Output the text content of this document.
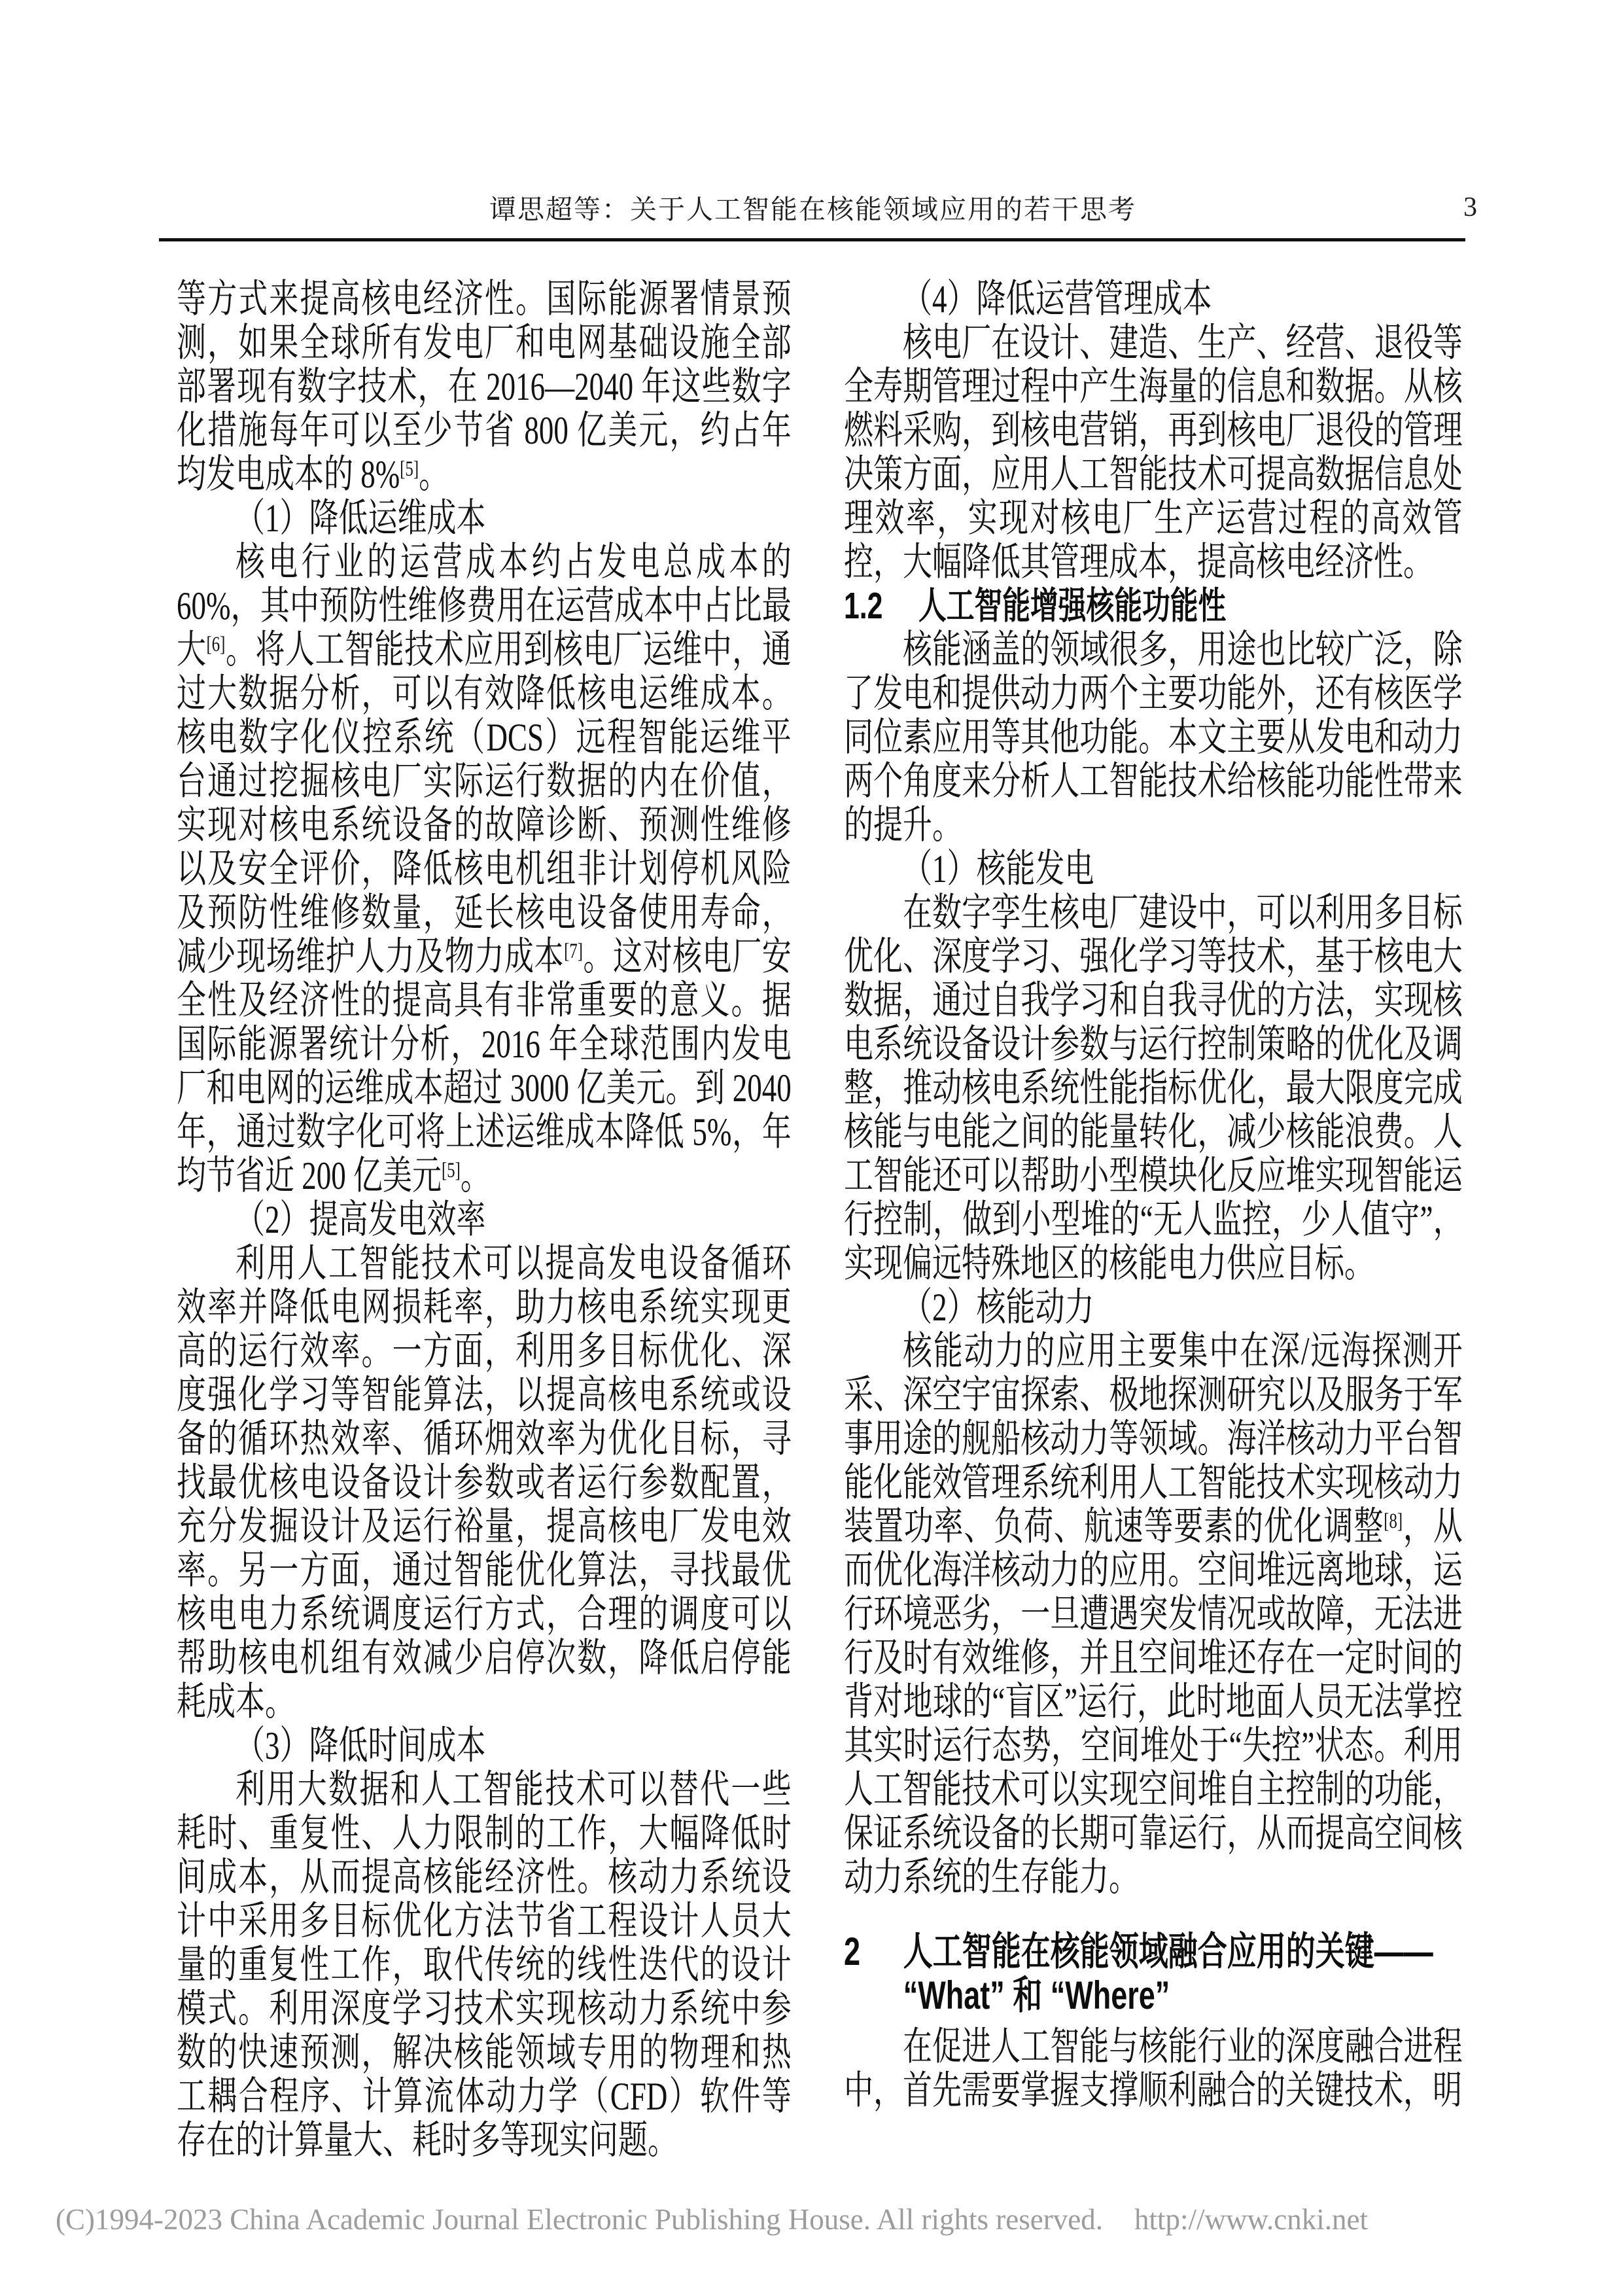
谭思超等：关于人工智能在核能领域应用的若干思考	3
等方式来提高核电经济性。国际能源署情景预测，如果全球所有发电厂和电网基础设施全部部署现有数字技术，在 2016—2040 年这些数字化措施每年可以至少节省 800 亿美元，约占年均发电成本的 8%[5]。
（1）降低运维成本
核电行业的运营成本约占发电总成本的 60%，其中预防性维修费用在运营成本中占比最大[6]。将人工智能技术应用到核电厂运维中，通过大数据分析，可以有效降低核电运维成本。核电数字化仪控系统（DCS）远程智能运维平台通过挖掘核电厂实际运行数据的内在价值，实现对核电系统设备的故障诊断、预测性维修以及安全评价，降低核电机组非计划停机风险及预防性维修数量，延长核电设备使用寿命，减少现场维护人力及物力成本[7]。这对核电厂安全性及经济性的提高具有非常重要的意义。据国际能源署统计分析，2016 年全球范围内发电厂和电网的运维成本超过 3000 亿美元。到 2040 年，通过数字化可将上述运维成本降低 5%，年均节省近 200 亿美元[5]。
（2）提高发电效率
利用人工智能技术可以提高发电设备循环效率并降低电网损耗率，助力核电系统实现更高的运行效率。一方面，利用多目标优化、深度强化学习等智能算法，以提高核电系统或设备的循环热效率、循环㶲效率为优化目标，寻找最优核电设备设计参数或者运行参数配置，充分发掘设计及运行裕量，提高核电厂发电效率。另一方面，通过智能优化算法，寻找最优核电电力系统调度运行方式，合理的调度可以帮助核电机组有效减少启停次数，降低启停能耗成本。
（3）降低时间成本
利用大数据和人工智能技术可以替代一些耗时、重复性、人力限制的工作，大幅降低时间成本，从而提高核能经济性。核动力系统设计中采用多目标优化方法节省工程设计人员大量的重复性工作，取代传统的线性迭代的设计模式。利用深度学习技术实现核动力系统中参数的快速预测，解决核能领域专用的物理和热工耦合程序、计算流体动力学（CFD）软件等存在的计算量大、耗时多等现实问题。
（4）降低运营管理成本
核电厂在设计、建造、生产、经营、退役等全寿期管理过程中产生海量的信息和数据。从核燃料采购，到核电营销，再到核电厂退役的管理决策方面，应用人工智能技术可提高数据信息处理效率，实现对核电厂生产运营过程的高效管控，大幅降低其管理成本，提高核电经济性。
1.2 人工智能增强核能功能性
核能涵盖的领域很多，用途也比较广泛，除了发电和提供动力两个主要功能外，还有核医学同位素应用等其他功能。本文主要从发电和动力两个角度来分析人工智能技术给核能功能性带来的提升。
（1）核能发电
在数字孪生核电厂建设中，可以利用多目标优化、深度学习、强化学习等技术，基于核电大数据，通过自我学习和自我寻优的方法，实现核电系统设备设计参数与运行控制策略的优化及调整，推动核电系统性能指标优化，最大限度完成核能与电能之间的能量转化，减少核能浪费。人工智能还可以帮助小型模块化反应堆实现智能运行控制，做到小型堆的“无人监控，少人值守”，实现偏远特殊地区的核能电力供应目标。
（2）核能动力
核能动力的应用主要集中在深/远海探测开采、深空宇宙探索、极地探测研究以及服务于军事用途的舰船核动力等领域。海洋核动力平台智能化能效管理系统利用人工智能技术实现核动力装置功率、负荷、航速等要素的优化调整[8]，从而优化海洋核动力的应用。空间堆远离地球，运行环境恶劣，一旦遭遇突发情况或故障，无法进行及时有效维修，并且空间堆还存在一定时间的背对地球的“盲区”运行，此时地面人员无法掌控其实时运行态势，空间堆处于“失控”状态。利用人工智能技术可以实现空间堆自主控制的功能，保证系统设备的长期可靠运行，从而提高空间核动力系统的生存能力。
2	人工智能在核能领域融合应用的关键——
“What” 和 “Where”
在促进人工智能与核能行业的深度融合进程中，首先需要掌握支撑顺利融合的关键技术，明
(C)1994-2023 China Academic Journal Electronic Publishing House. All rights reserved. http://www.cnki.net
